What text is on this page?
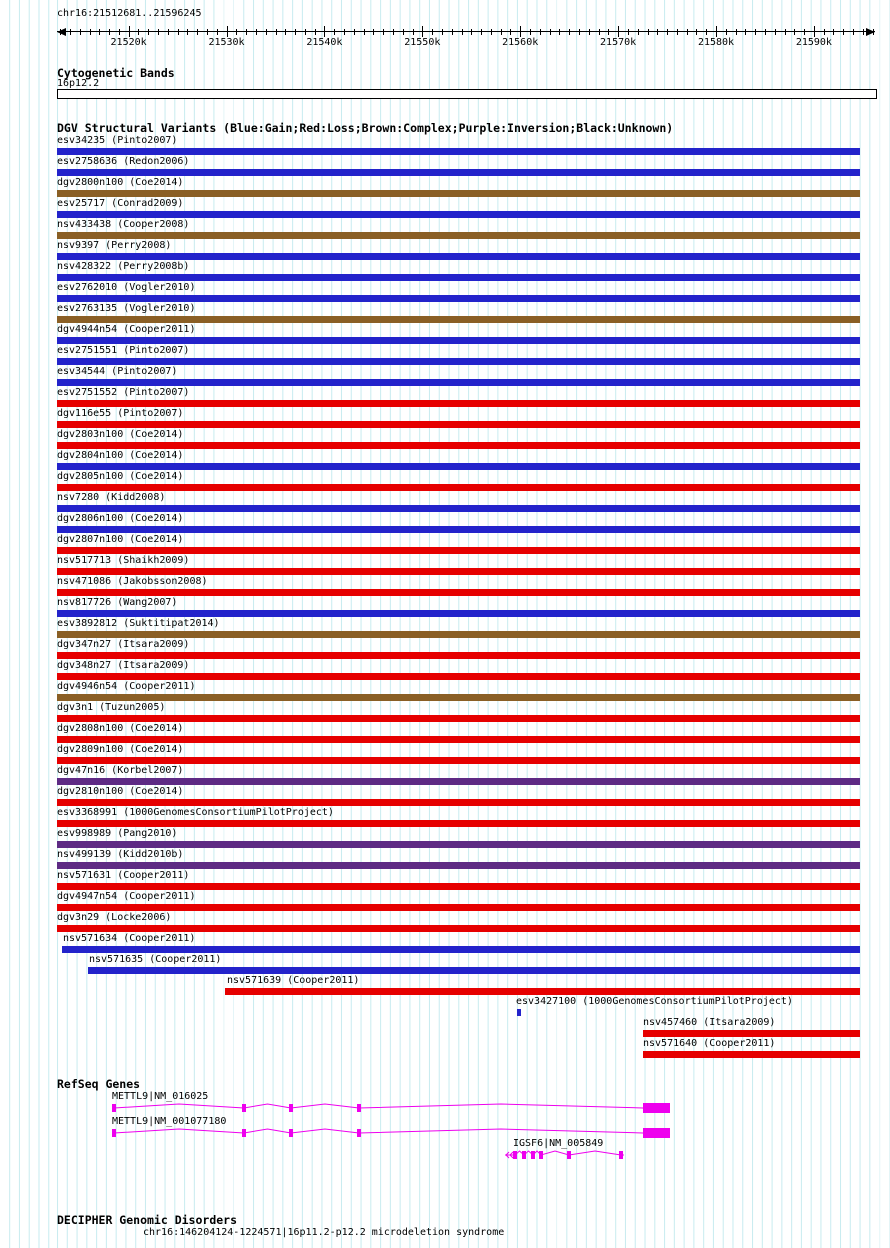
chr16:21512681..21596245
21520k	21530k	21540k	21550k	21560k	21570k	21580k	21590k
Cytogenetic Bands
16p12.2
DGV Structural Variants (Blue:Gain;Red:Loss;Brown:Complex;Purple:Inversion;Black:Unknown)
esv34235 (Pinto2007)
esv2758636 (Redon2006)
dgv2800n100 (Coe2014)
esv25717 (Conrad2009)
nsv433438 (Cooper2008)
nsv9397 (Perry2008)
nsv428322 (Perry2008b)
esv2762010 (Vogler2010)
esv2763135 (Vogler2010)
dgv4944n54 (Cooper2011)
esv2751551 (Pinto2007)
esv34544 (Pinto2007)
esv2751552 (Pinto2007)
dgv116e55 (Pinto2007)
dgv2803n100 (Coe2014)
dgv2804n100 (Coe2014)
dgv2805n100 (Coe2014)
nsv7280 (Kidd2008)
dgv2806n100 (Coe2014)
dgv2807n100 (Coe2014)
nsv517713 (Shaikh2009)
nsv471086 (Jakobsson2008)
nsv817726 (Wang2007)
esv3892812 (Suktitipat2014)
dgv347n27 (Itsara2009)
dgv348n27 (Itsara2009)
dgv4946n54 (Cooper2011)
dgv3n1 (Tuzun2005)
dgv2808n100 (Coe2014)
dgv2809n100 (Coe2014)
dgv47n16 (Korbel2007)
dgv2810n100 (Coe2014)
esv3368991 (1000GenomesConsortiumPilotProject)
esv998989 (Pang2010)
nsv499139 (Kidd2010b)
nsv571631 (Cooper2011)
dgv4947n54 (Cooper2011)
dgv3n29 (Locke2006)
nsv571634 (Cooper2011)
nsv571635 (Cooper2011)
nsv571639 (Cooper2011)
esv3427100 (1000GenomesConsortiumPilotProject)
nsv457460 (Itsara2009)
nsv571640 (Cooper2011)
RefSeq Genes
METTL9|NM_016025
METTL9|NM_001077180
IGSF6|NM_005849
DECIPHER Genomic Disorders
chr16:146204124-1224571|16p11.2-p12.2 microdeletion syndrome
